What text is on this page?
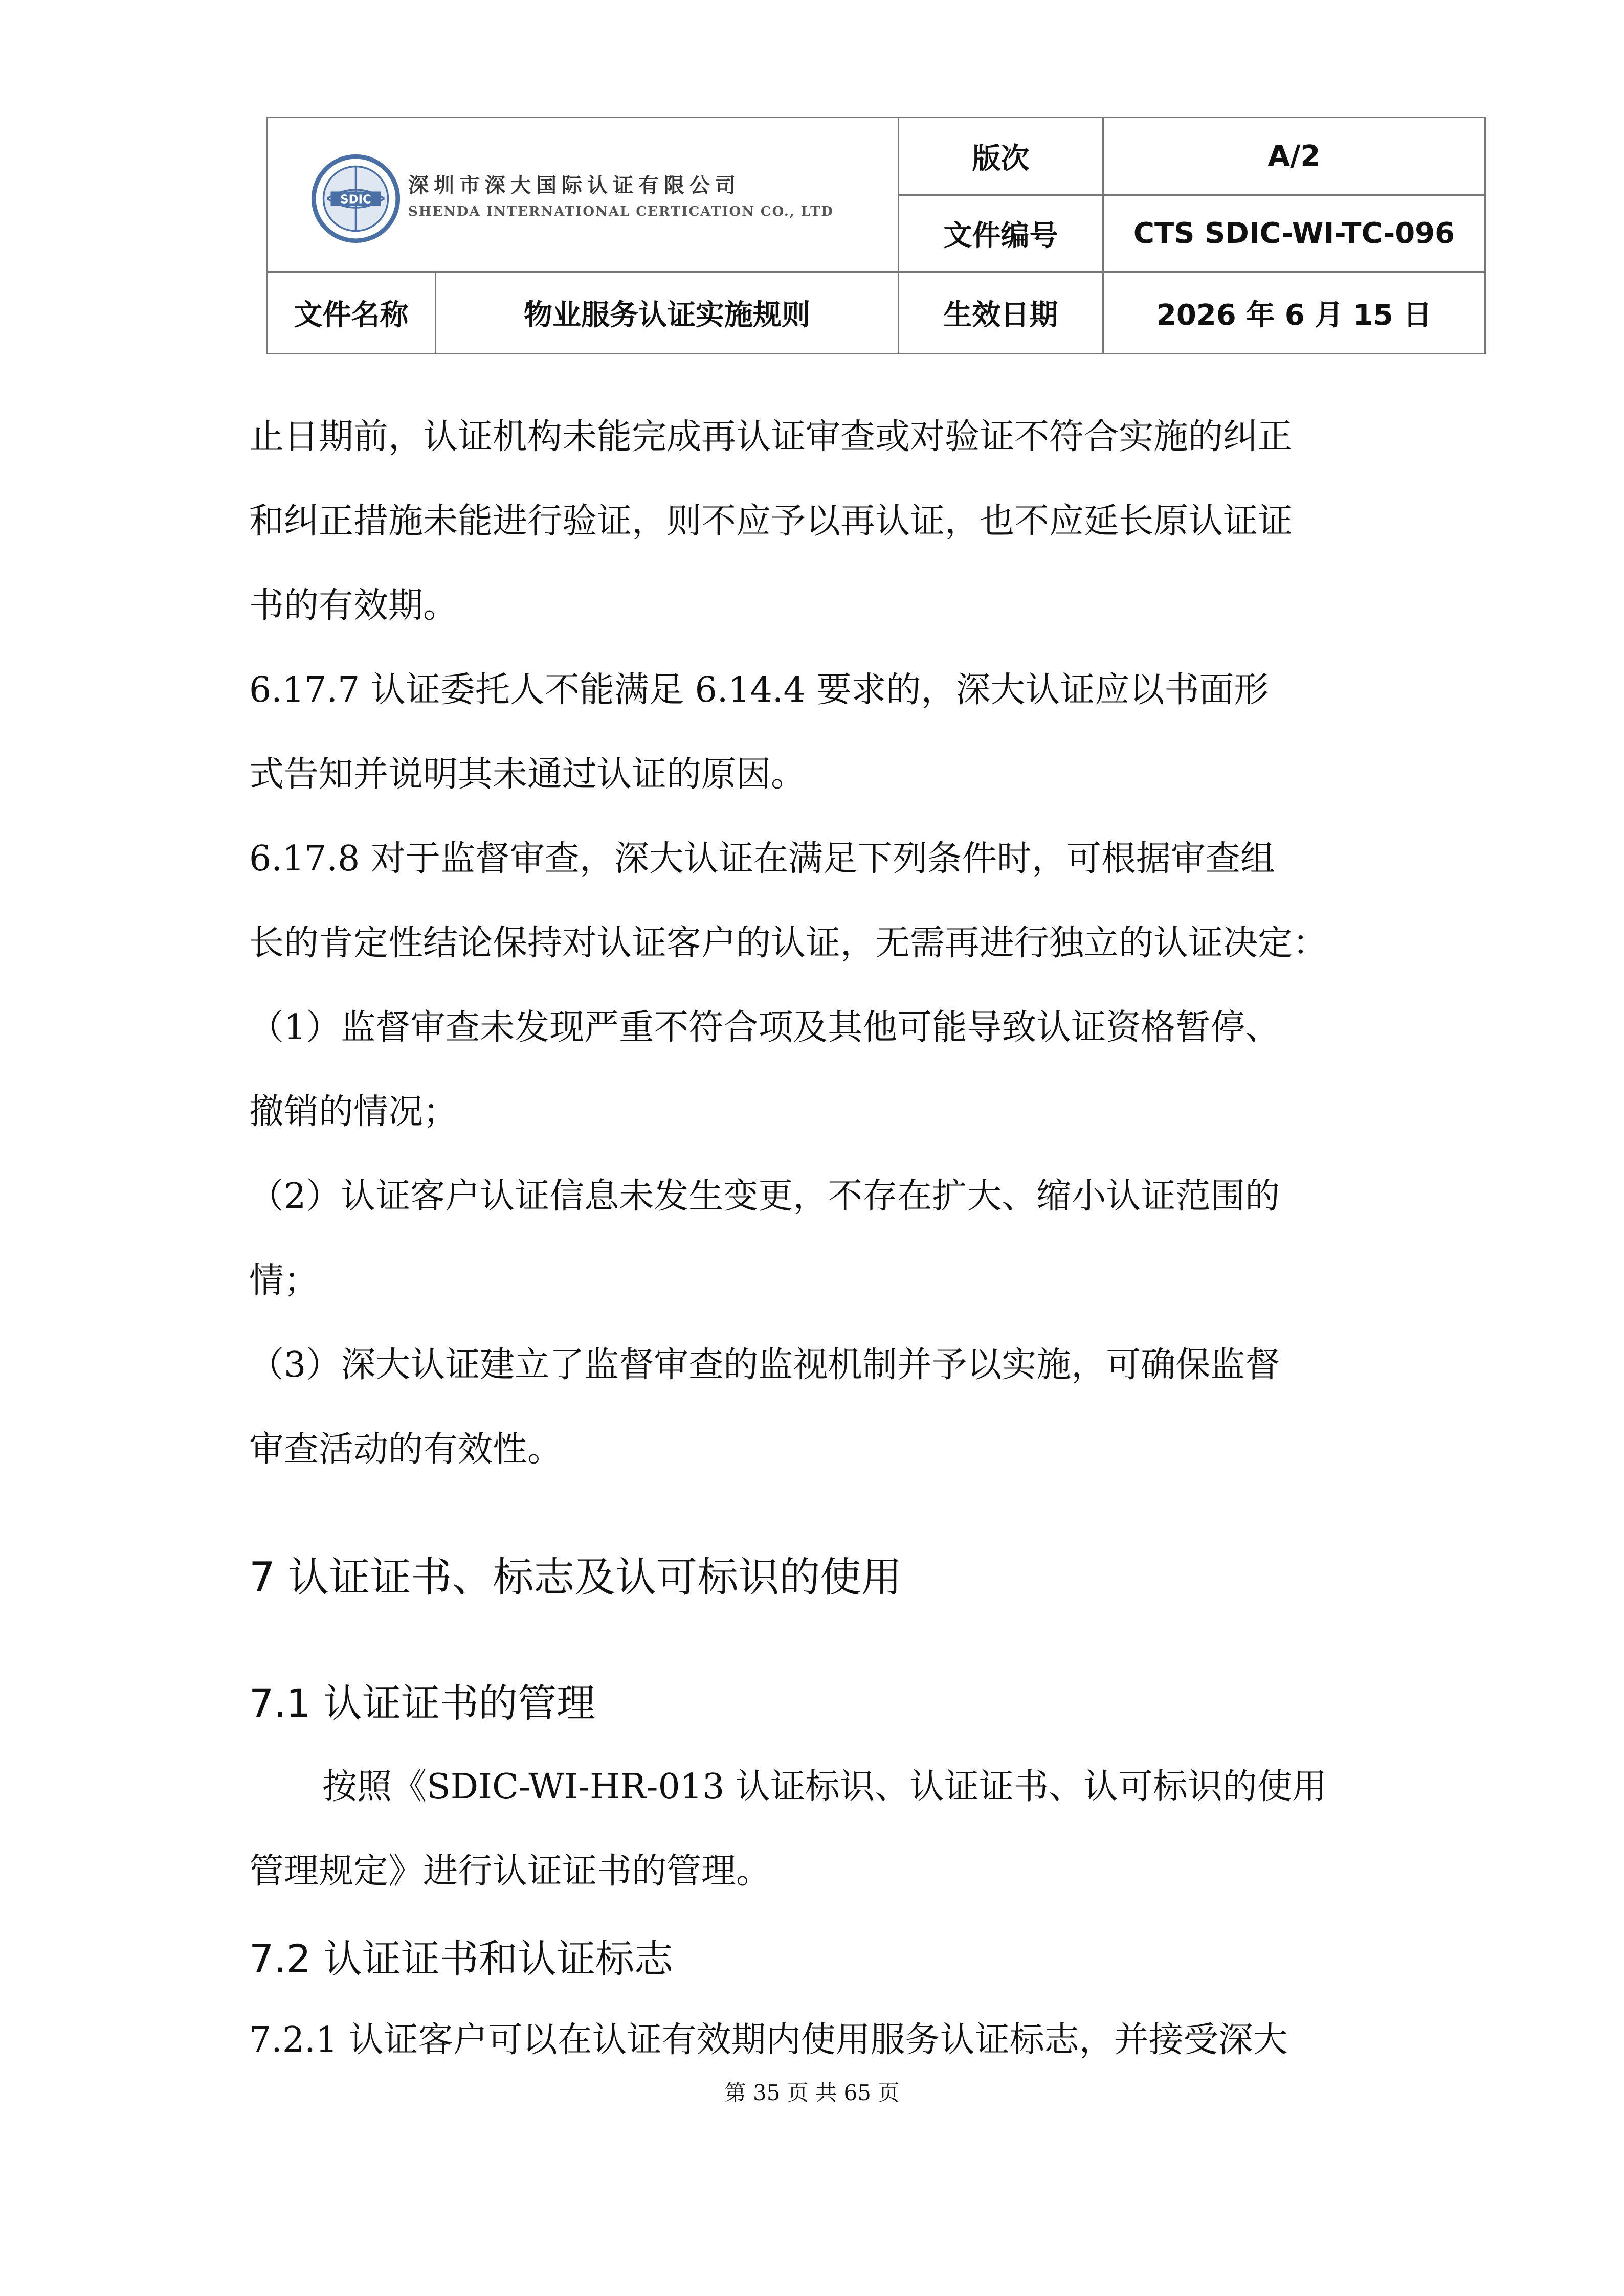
SDIC
深圳市深大国际认证有限公司
SHENDA INTERNATIONAL CERTICATION CO., LTD
版次	A/2
文件编号	CTS SDIC-WI-TC-096
文件名称	物业服务认证实施规则	生效日期	2026 年 6 月 15 日
止日期前，认证机构未能完成再认证审查或对验证不符合实施的纠正
和纠正措施未能进行验证，则不应予以再认证，也不应延长原认证证
书的有效期。
6.17.7 认证委托人不能满足 6.14.4 要求的，深大认证应以书面形
式告知并说明其未通过认证的原因。
6.17.8 对于监督审查，深大认证在满足下列条件时，可根据审查组
长的肯定性结论保持对认证客户的认证，无需再进行独立的认证决定：
（1）监督审查未发现严重不符合项及其他可能导致认证资格暂停、
撤销的情况；
（2）认证客户认证信息未发生变更，不存在扩大、缩小认证范围的
情；
（3）深大认证建立了监督审查的监视机制并予以实施，可确保监督
审查活动的有效性。
7 认证证书、标志及认可标识的使用
7.1 认证证书的管理
按照《SDIC-WI-HR-013 认证标识、认证证书、认可标识的使用
管理规定》进行认证证书的管理。
7.2 认证证书和认证标志
7.2.1 认证客户可以在认证有效期内使用服务认证标志，并接受深大
第 35 页 共 65 页
